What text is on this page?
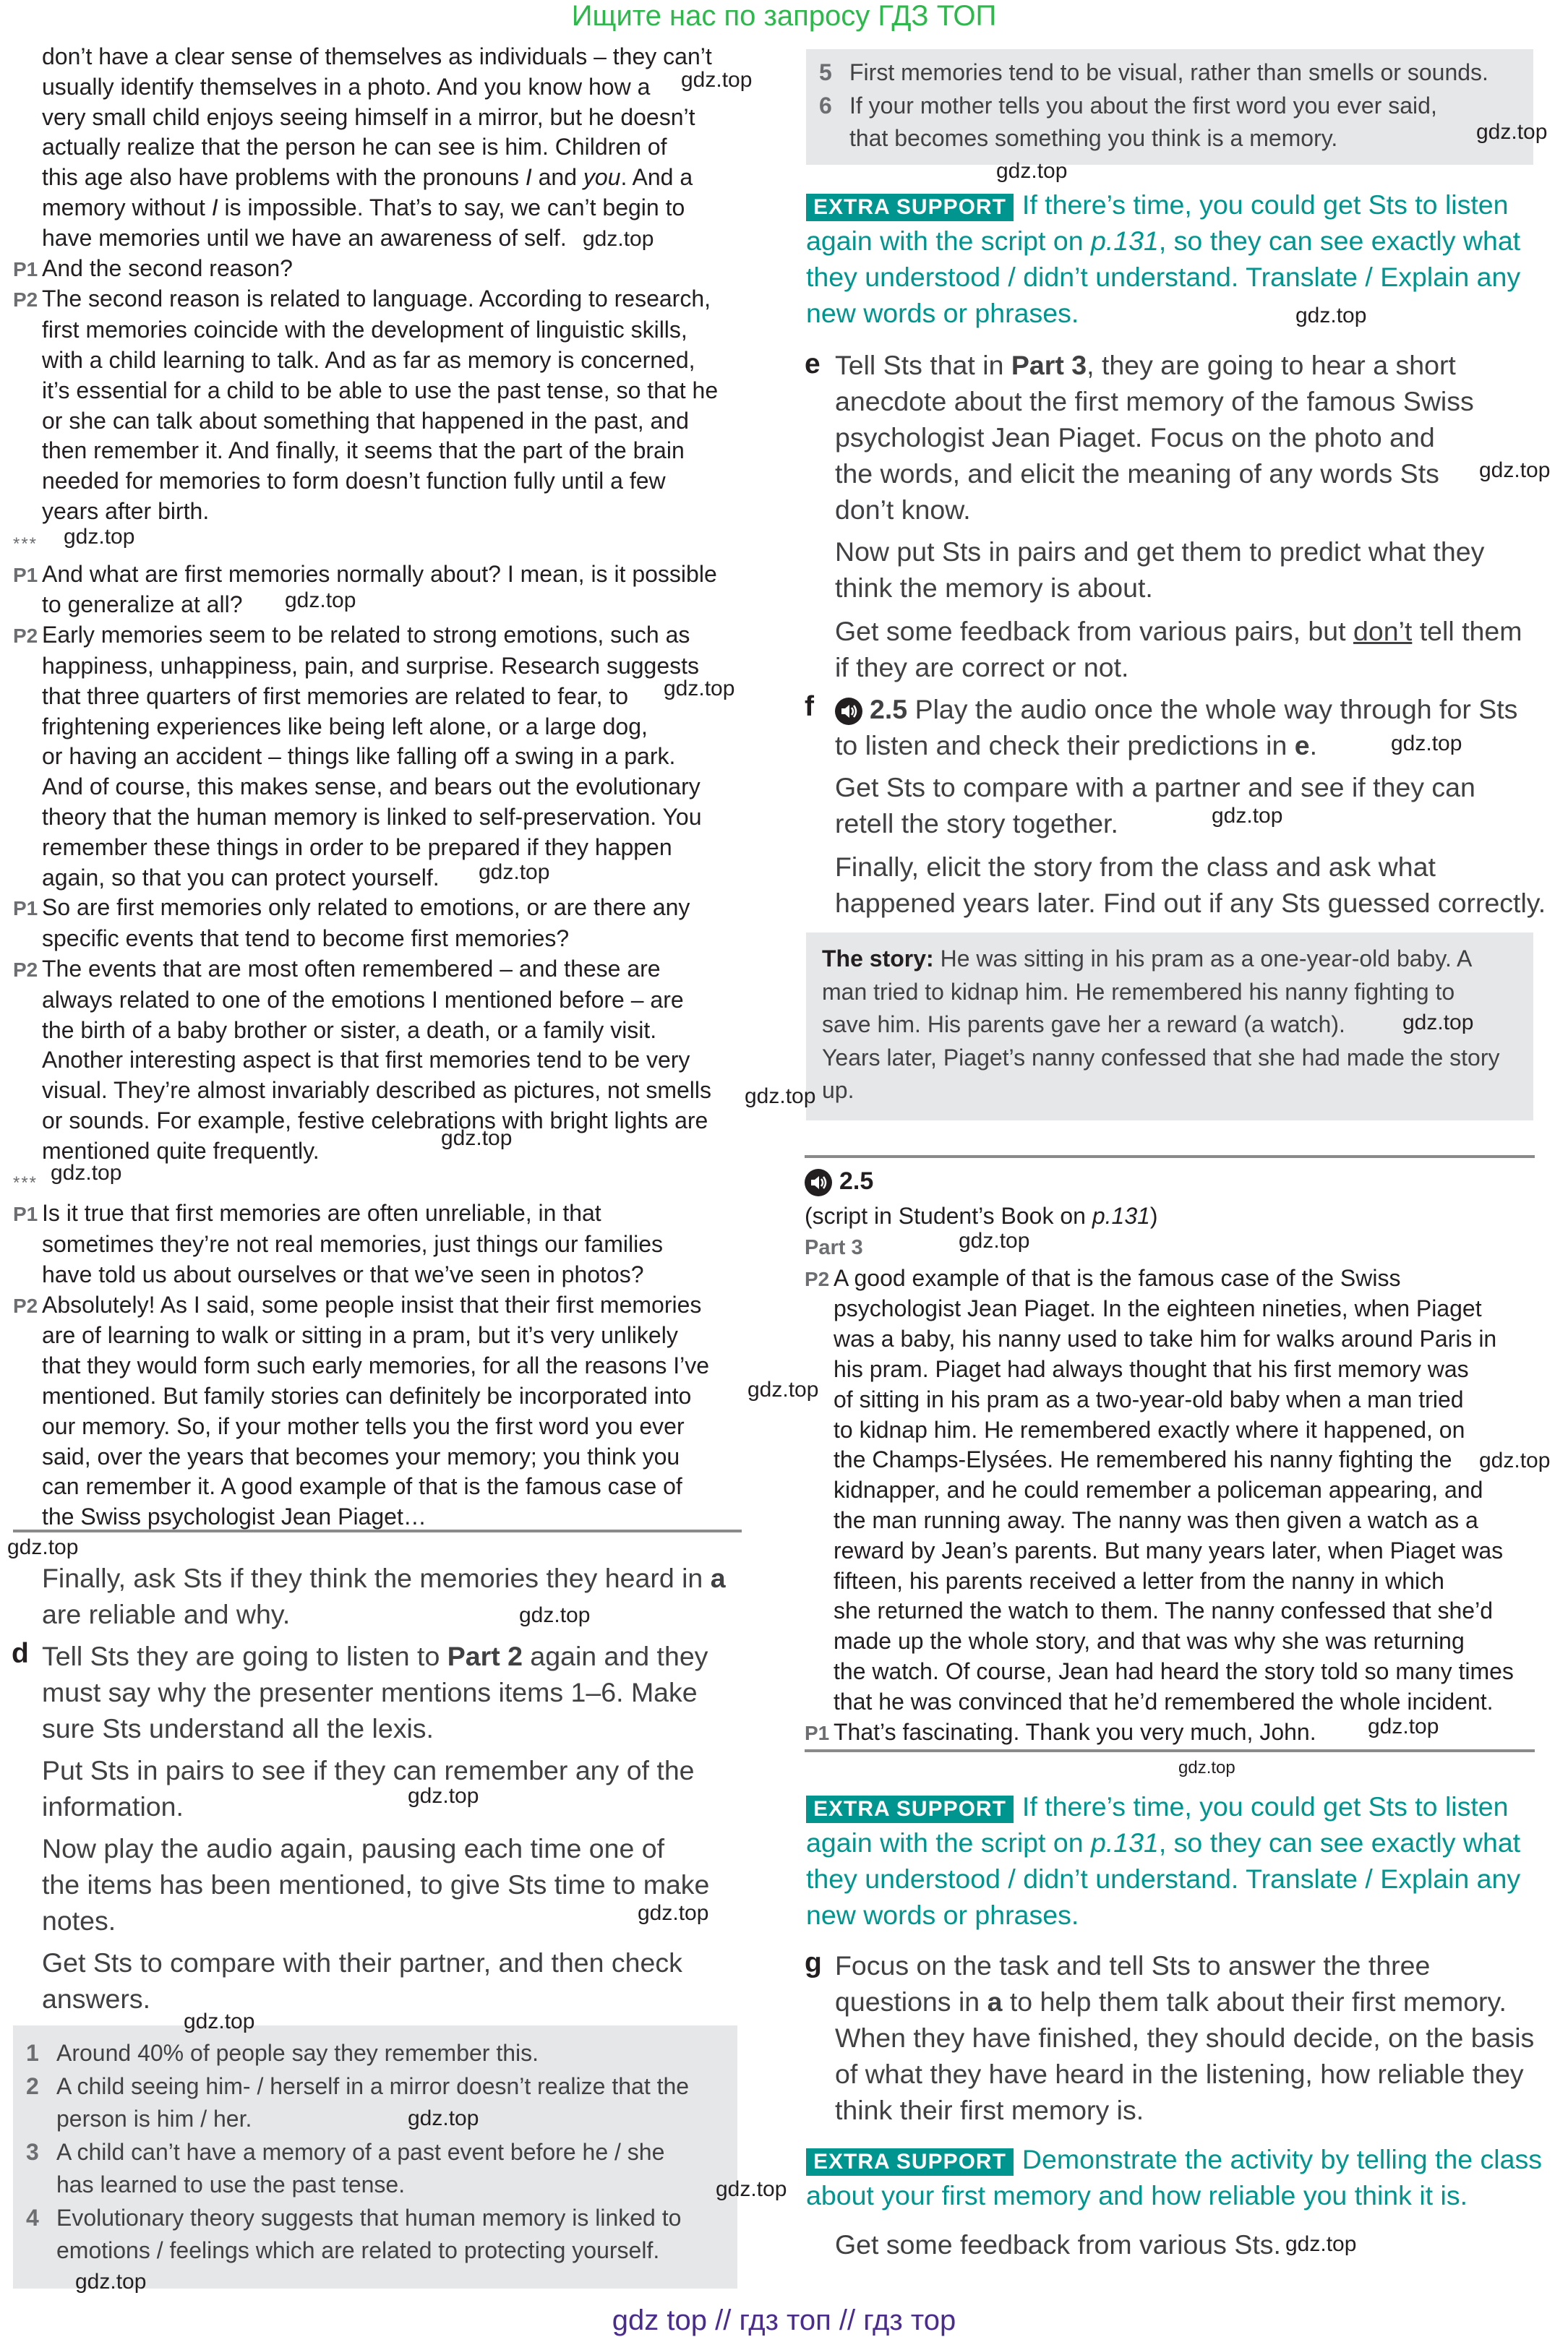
Ищите нас по запросу ГДЗ ТОП
gdz top // гдз топ // гдз тор
don’t have a clear sense of themselves as individuals – they can’t
usually identify themselves in a photo. And you know how a
very small child enjoys seeing himself in a mirror, but he doesn’t
actually realize that the person he can see is him. Children of
this age also have problems with the pronouns I and you. And a
memory without I is impossible. That’s to say, we can’t begin to
have memories until we have an awareness of self.
P1 And the second reason?
P2 The second reason is related to language. According to research,
first memories coincide with the development of linguistic skills,
with a child learning to talk. And as far as memory is concerned,
it’s essential for a child to be able to use the past tense, so that he
or she can talk about something that happened in the past, and
then remember it. And finally, it seems that the part of the brain
needed for memories to form doesn’t function fully until a few
years after birth.
***
P1 And what are first memories normally about? I mean, is it possible
to generalize at all?
P2 Early memories seem to be related to strong emotions, such as
happiness, unhappiness, pain, and surprise. Research suggests
that three quarters of first memories are related to fear, to
frightening experiences like being left alone, or a large dog,
or having an accident – things like falling off a swing in a park.
And of course, this makes sense, and bears out the evolutionary
theory that the human memory is linked to self-preservation. You
remember these things in order to be prepared if they happen
again, so that you can protect yourself.
P1 So are first memories only related to emotions, or are there any
specific events that tend to become first memories?
P2 The events that are most often remembered – and these are
always related to one of the emotions I mentioned before – are
the birth of a baby brother or sister, a death, or a family visit.
Another interesting aspect is that first memories tend to be very
visual. They’re almost invariably described as pictures, not smells
or sounds. For example, festive celebrations with bright lights are
mentioned quite frequently.
***
P1 Is it true that first memories are often unreliable, in that
sometimes they’re not real memories, just things our families
have told us about ourselves or that we’ve seen in photos?
P2 Absolutely! As I said, some people insist that their first memories
are of learning to walk or sitting in a pram, but it’s very unlikely
that they would form such early memories, for all the reasons I’ve
mentioned. But family stories can definitely be incorporated into
our memory. So, if your mother tells you the first word you ever
said, over the years that becomes your memory; you think you
can remember it. A good example of that is the famous case of
the Swiss psychologist Jean Piaget…
Finally, ask Sts if they think the memories they heard in a
are reliable and why.
d Tell Sts they are going to listen to Part 2 again and they
must say why the presenter mentions items 1–6. Make
sure Sts understand all the lexis.
Put Sts in pairs to see if they can remember any of the
information.
Now play the audio again, pausing each time one of
the items has been mentioned, to give Sts time to make
notes.
Get Sts to compare with their partner, and then check
answers.
1 Around 40% of people say they remember this.
2 A child seeing him- / herself in a mirror doesn’t realize that the
person is him / her.
3 A child can’t have a memory of a past event before he / she
has learned to use the past tense.
4 Evolutionary theory suggests that human memory is linked to
emotions / feelings which are related to protecting yourself.
5 First memories tend to be visual, rather than smells or sounds.
6 If your mother tells you about the first word you ever said,
that becomes something you think is a memory.
EXTRA SUPPORT If there’s time, you could get Sts to listen
again with the script on p.131, so they can see exactly what
they understood / didn’t understand. Translate / Explain any
new words or phrases.
e Tell Sts that in Part 3, they are going to hear a short
anecdote about the first memory of the famous Swiss
psychologist Jean Piaget. Focus on the photo and
the words, and elicit the meaning of any words Sts
don’t know.
Now put Sts in pairs and get them to predict what they
think the memory is about.
Get some feedback from various pairs, but don’t tell them
if they are correct or not.
f	2.5 Play the audio once the whole way through for Sts
to listen and check their predictions in e.
Get Sts to compare with a partner and see if they can
retell the story together.
Finally, elicit the story from the class and ask what
happened years later. Find out if any Sts guessed correctly.
The story: He was sitting in his pram as a one-year-old baby. A
man tried to kidnap him. He remembered his nanny fighting to
save him. His parents gave her a reward (a watch).
Years later, Piaget’s nanny confessed that she had made the story
up.
2.5
(script in Student’s Book on p.131)
Part 3
P2 A good example of that is the famous case of the Swiss
psychologist Jean Piaget. In the eighteen nineties, when Piaget
was a baby, his nanny used to take him for walks around Paris in
his pram. Piaget had always thought that his first memory was
of sitting in his pram as a two-year-old baby when a man tried
to kidnap him. He remembered exactly where it happened, on
the Champs-Elysées. He remembered his nanny fighting the
kidnapper, and he could remember a policeman appearing, and
the man running away. The nanny was then given a watch as a
reward by Jean’s parents. But many years later, when Piaget was
fifteen, his parents received a letter from the nanny in which
she returned the watch to them. The nanny confessed that she’d
made up the whole story, and that was why she was returning
the watch. Of course, Jean had heard the story told so many times
that he was convinced that he’d remembered the whole incident.
P1 That’s fascinating. Thank you very much, John.
EXTRA SUPPORT If there’s time, you could get Sts to listen
again with the script on p.131, so they can see exactly what
they understood / didn’t understand. Translate / Explain any
new words or phrases.
g Focus on the task and tell Sts to answer the three
questions in a to help them talk about their first memory.
When they have finished, they should decide, on the basis
of what they have heard in the listening, how reliable they
think their first memory is.
EXTRA SUPPORT Demonstrate the activity by telling the class
about your first memory and how reliable you think it is.
Get some feedback from various Sts.
gdz.top
gdz.top
gdz.top
gdz.top
gdz.top
gdz.top
gdz.top
gdz.top
gdz.top
gdz.top
gdz.top
gdz.top
gdz.top
gdz.top
gdz.top
gdz.top
gdz.top
gdz.top
gdz.top
gdz.top
gdz.top
gdz.top
gdz.top
gdz.top
gdz.top
gdz.top
gdz.top
gdz.top
gdz.top
gdz.top
